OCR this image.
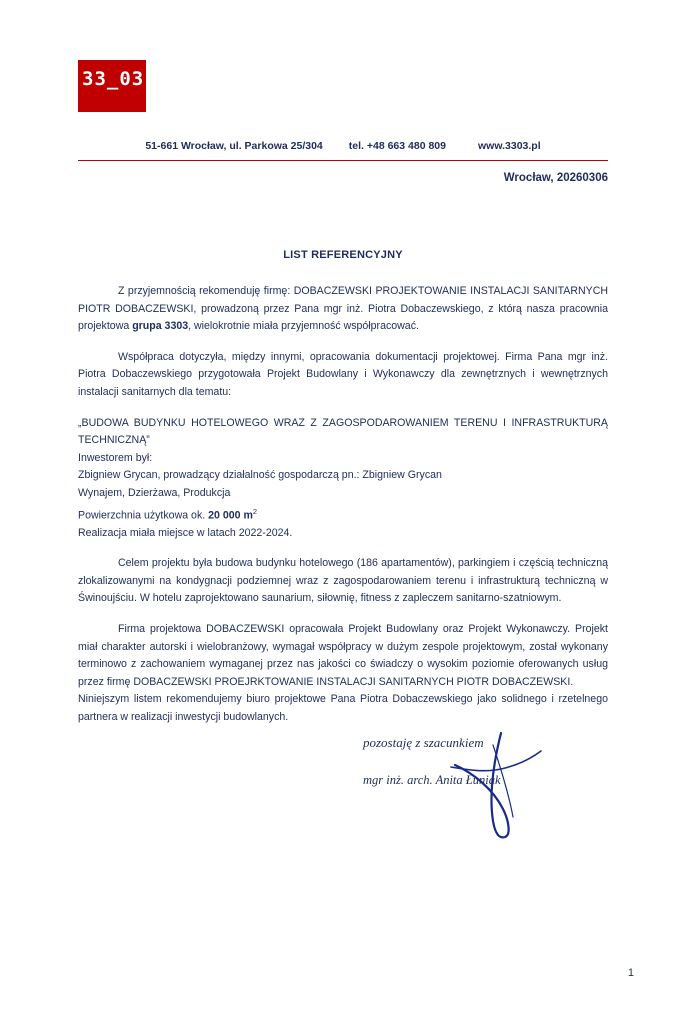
33_03
51-661 Wrocław, ul. Parkowa 25/304 tel. +48 663 480 809	www.3303.pl
Wrocław, 20260306
LIST REFERENCYJNY

Z przyjemnością rekomenduję firmę: DOBACZEWSKI PROJEKTOWANIE INSTALACJI SANITARNYCH PIOTR DOBACZEWSKI, prowadzoną przez Pana mgr inż. Piotra Dobaczewskiego, z którą nasza pracownia projektowa grupa 3303, wielokrotnie miała przyjemność współpracować.

Współpraca dotyczyła, między innymi, opracowania dokumentacji projektowej. Firma Pana mgr inż. Piotra Dobaczewskiego przygotowała Projekt Budowlany i Wykonawczy dla zewnętrznych i wewnętrznych instalacji sanitarnych dla tematu:

„BUDOWA BUDYNKU HOTELOWEGO WRAZ Z ZAGOSPODAROWANIEM TERENU I INFRASTRUKTURĄ TECHNICZNĄ”

Inwestorem był:

Zbigniew Grycan, prowadzący działalność gospodarczą pn.: Zbigniew Grycan

Wynajem, Dzierżawa, Produkcja

Powierzchnia użytkowa ok. 20 000 $m^2$

Realizacja miała miejsce w latach 2022-2024.

Celem projektu była budowa budynku hotelowego (186 apartamentów), parkingiem i częścią techniczną zlokalizowanymi na kondygnacji podziemnej wraz z zagospodarowaniem terenu i infrastrukturą techniczną w Świnoujściu. W hotelu zaprojektowano saunarium, siłownię, fitness z zapleczem sanitarno-szatniowym.

Firma projektowa DOBACZEWSKI opracowała Projekt Budowlany oraz Projekt Wykonawczy. Projekt miał charakter autorski i wielobranżowy, wymagał współpracy w dużym zespole projektowym, został wykonany terminowo z zachowaniem wymaganej przez nas jakości co świadczy o wysokim poziomie oferowanych usług przez firmę DOBACZEWSKI PROEJRKTOWANIE INSTALACJI SANITARNYCH PIOTR DOBACZEWSKI.

Niniejszym listem rekomendujemy biuro projektowe Pana Piotra Dobaczewskiego jako solidnego i rzetelnego partnera w realizacji inwestycji budowlanych.

pozostaję z szacunkiem
mgr inż. arch. Anita Łuniak
1
